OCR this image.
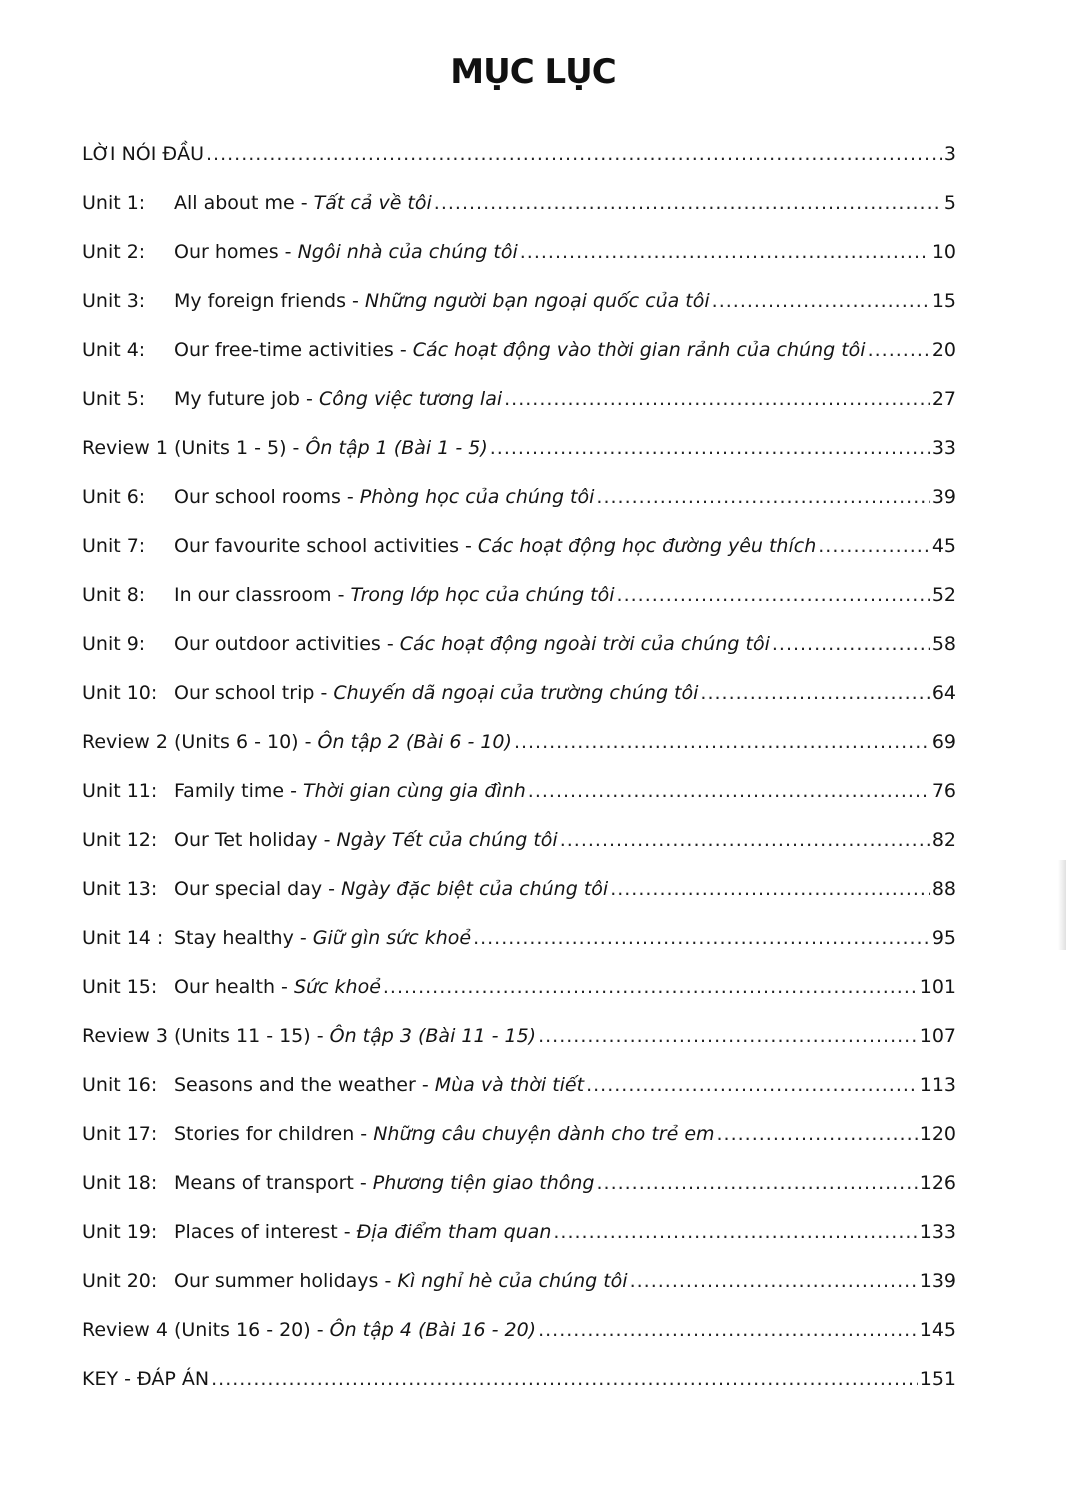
MỤC LỤC
LỜI NÓI ĐẦU .....	3
Unit 1:	All about me - Tất cả về tôi .....	5
Unit 2:	Our homes - Ngôi nhà của chúng tôi .....	10
Unit 3:	My foreign friends - Những người bạn ngoại quốc của tôi .....	15
Unit 4:	Our free-time activities - Các hoạt động vào thời gian rảnh của chúng tôi .....	20
Unit 5:	My future job - Công việc tương lai .....	27
Review 1 (Units 1 - 5) - Ôn tập 1 (Bài 1 - 5) .....	33
Unit 6:	Our school rooms - Phòng học của chúng tôi .....	39
Unit 7:	Our favourite school activities - Các hoạt động học đường yêu thích .....	45
Unit 8:	In our classroom - Trong lớp học của chúng tôi .....	52
Unit 9:	Our outdoor activities - Các hoạt động ngoài trời của chúng tôi .....	58
Unit 10: Our school trip - Chuyến dã ngoại của trường chúng tôi .....	64
Review 2 (Units 6 - 10) - Ôn tập 2 (Bài 6 - 10) .....	69
Unit 11: Family time - Thời gian cùng gia đình .....	76
Unit 12: Our Tet holiday - Ngày Tết của chúng tôi .....	82
Unit 13: Our special day - Ngày đặc biệt của chúng tôi .....	88
Unit 14 : Stay healthy - Giữ gìn sức khoẻ .....	95
Unit 15: Our health - Sức khoẻ .....	101
Review 3 (Units 11 - 15) - Ôn tập 3 (Bài 11 - 15) .....	107
Unit 16: Seasons and the weather - Mùa và thời tiết .....	113
Unit 17: Stories for children - Những câu chuyện dành cho trẻ em .....	120
Unit 18: Means of transport - Phương tiện giao thông .....	126
Unit 19: Places of interest - Địa điểm tham quan .....	133
Unit 20: Our summer holidays - Kì nghỉ hè của chúng tôi .....	139
Review 4 (Units 16 - 20) - Ôn tập 4 (Bài 16 - 20) .....	145
KEY - ĐÁP ÁN .....	151
